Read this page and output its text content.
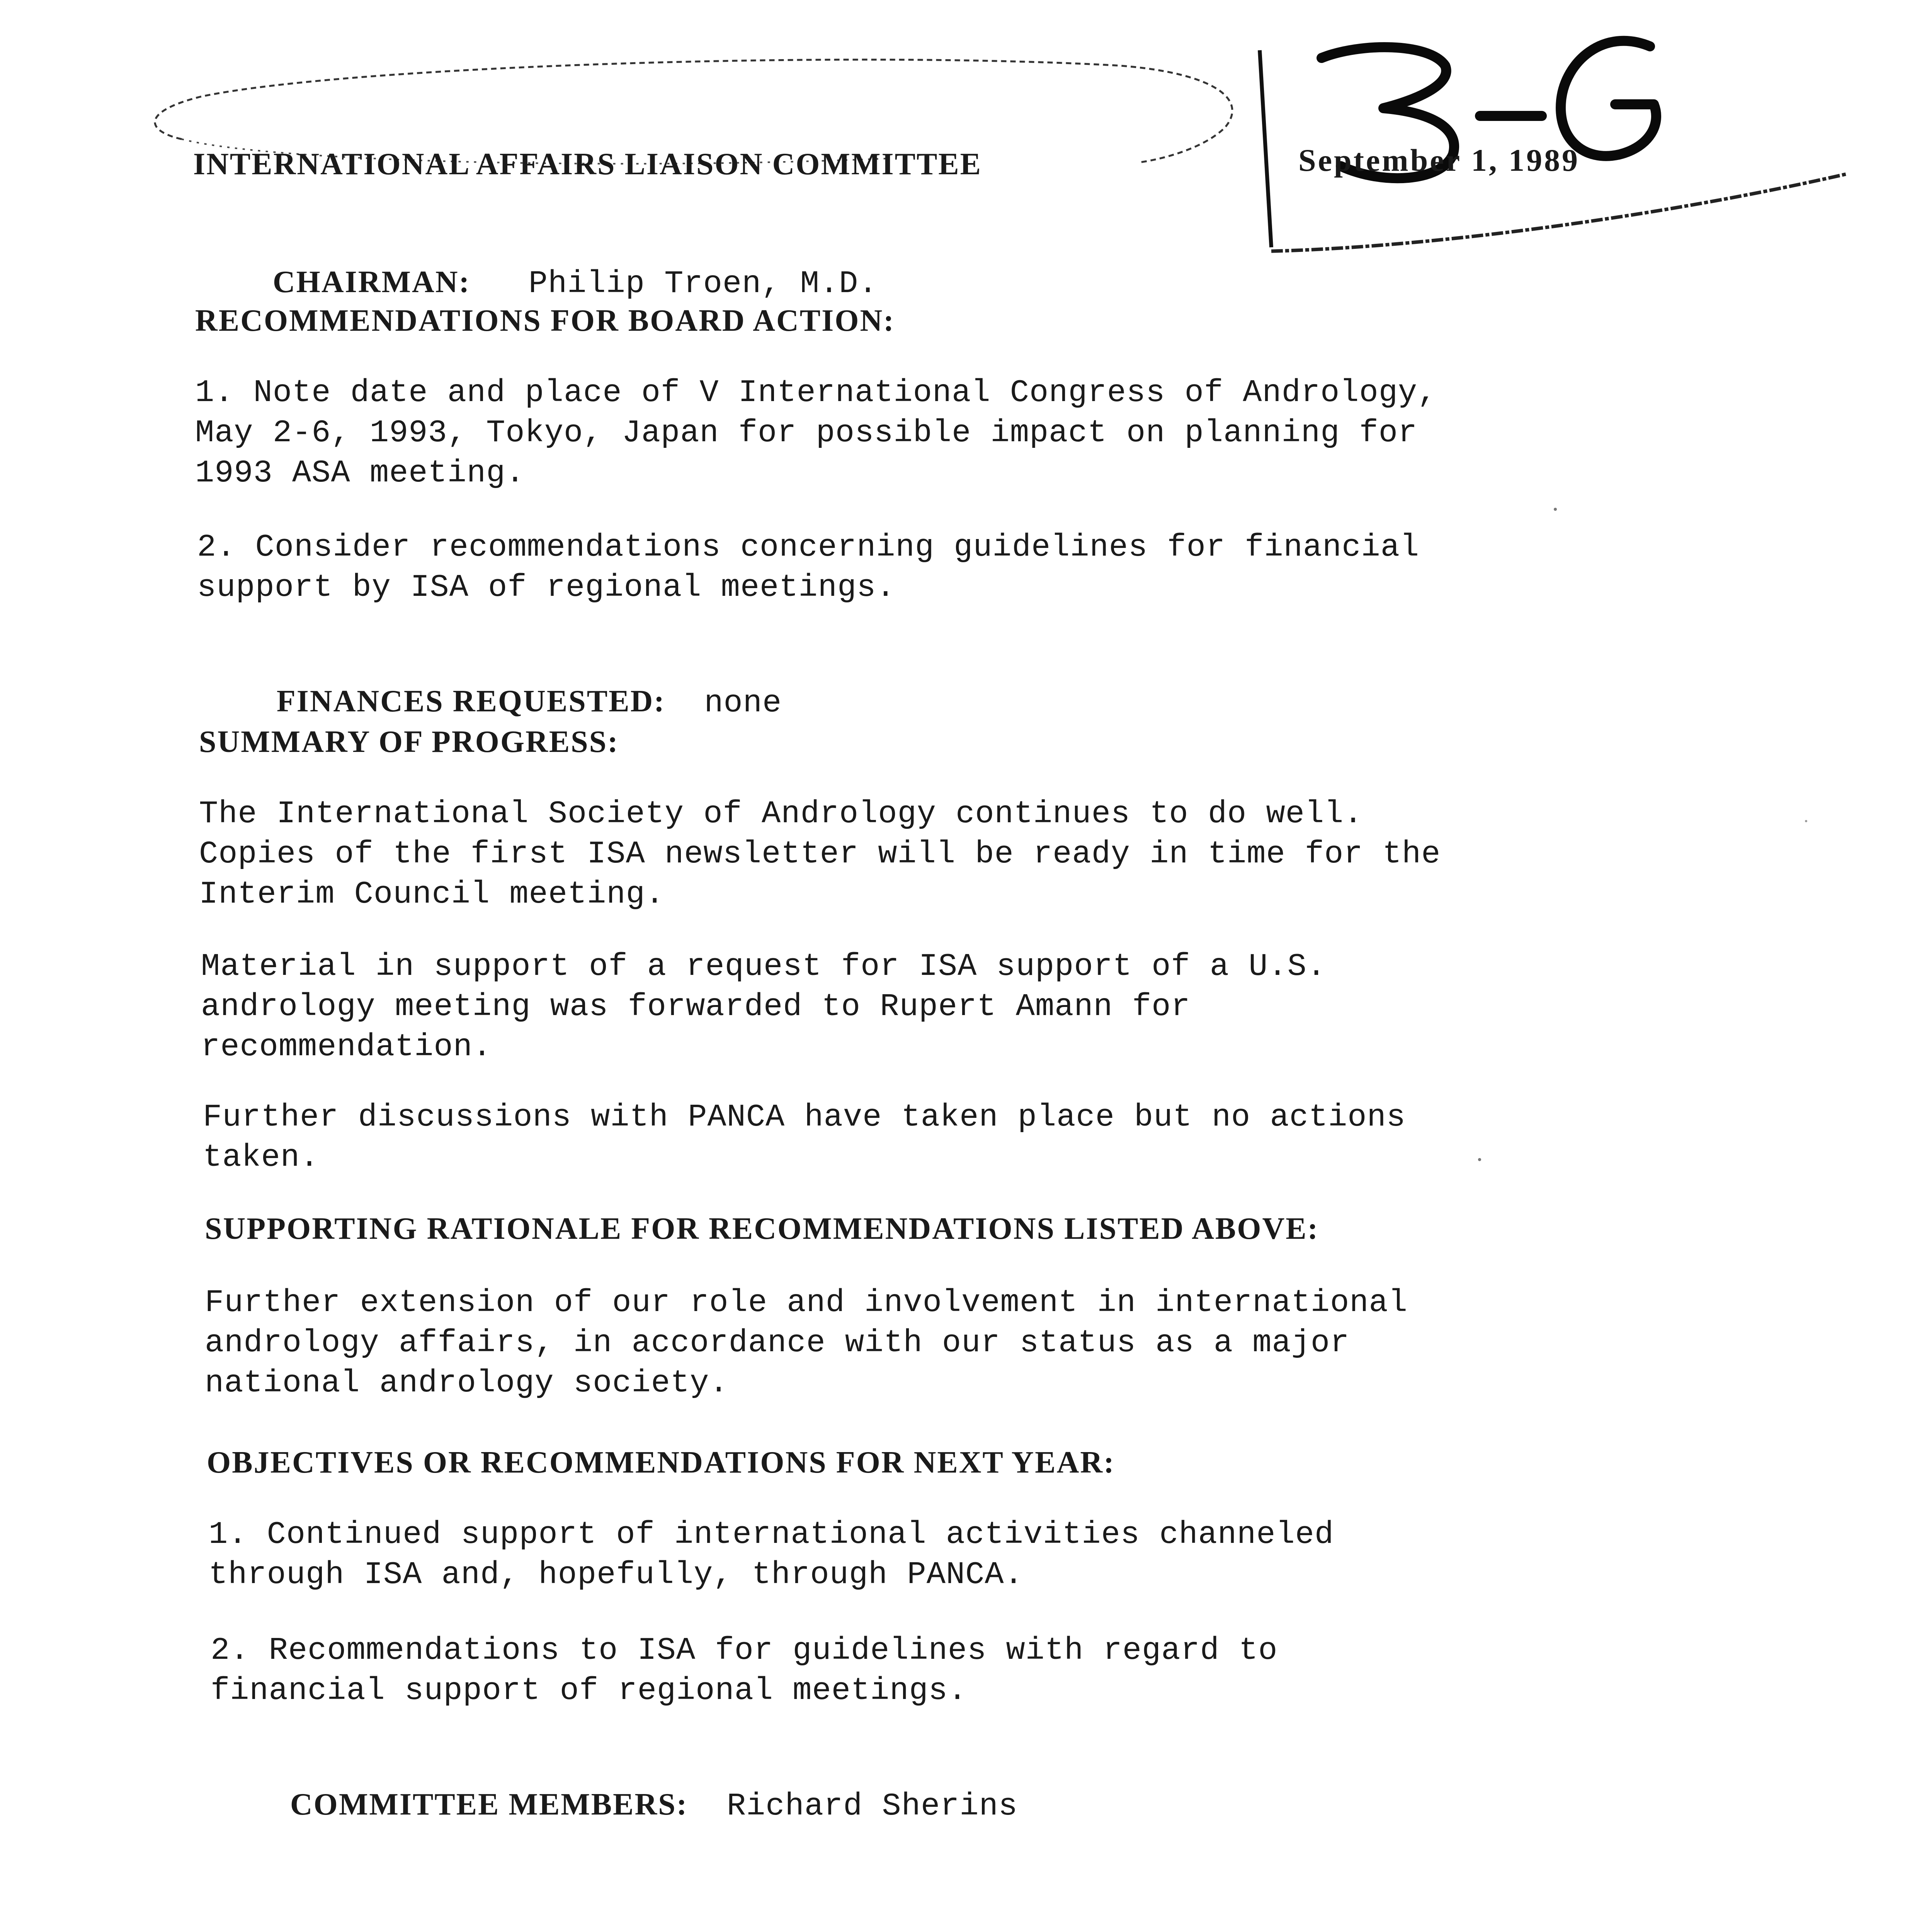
INTERNATIONAL AFFAIRS LIAISON COMMITTEE	September 1, 1989

CHAIRMAN: Philip Troen, M.D.

RECOMMENDATIONS FOR BOARD ACTION:
1. Note date and place of V International Congress of Andrology,
May 2-6, 1993, Tokyo, Japan for possible impact on planning for
1993 ASA meeting.
2. Consider recommendations concerning guidelines for financial
support by ISA of regional meetings.

FINANCES REQUESTED: none

SUMMARY OF PROGRESS:
The International Society of Andrology continues to do well.
Copies of the first ISA newsletter will be ready in time for the
Interim Council meeting.
Material in support of a request for ISA support of a U.S.
andrology meeting was forwarded to Rupert Amann for
recommendation.
Further discussions with PANCA have taken place but no actions
taken.
SUPPORTING RATIONALE FOR RECOMMENDATIONS LISTED ABOVE:
Further extension of our role and involvement in international
andrology affairs, in accordance with our status as a major
national andrology society.
OBJECTIVES OR RECOMMENDATIONS FOR NEXT YEAR:
1. Continued support of international activities channeled
through ISA and, hopefully, through PANCA.
2. Recommendations to ISA for guidelines with regard to
financial support of regional meetings.

COMMITTEE MEMBERS: Richard Sherins
